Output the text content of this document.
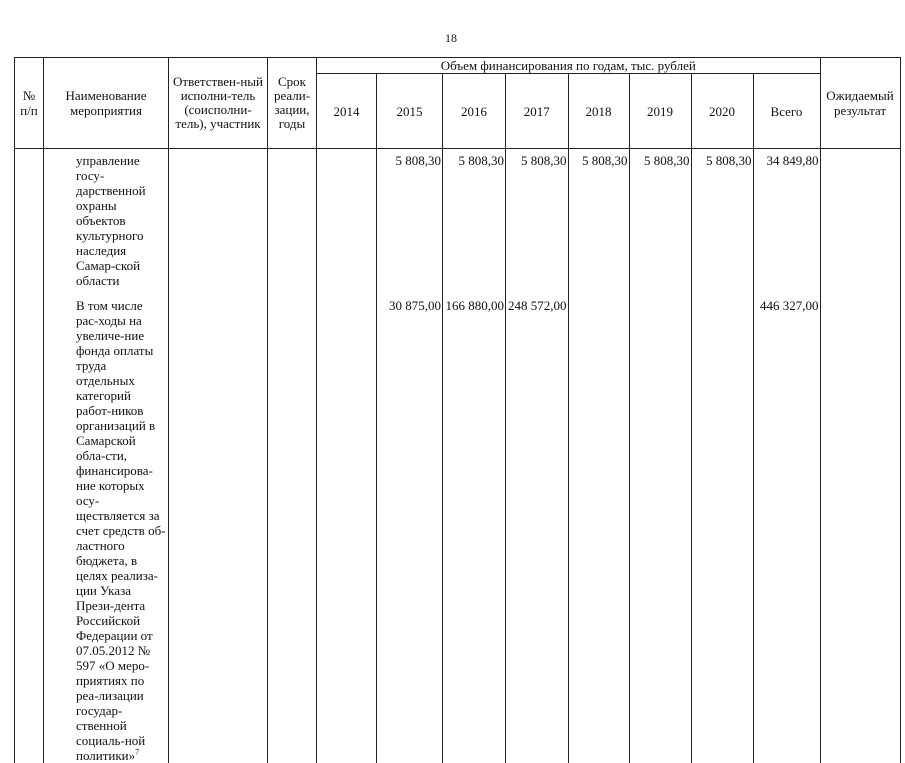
18
№ п/п	Наименование мероприятия	Ответствен-ный исполни-тель (соисполни-тель), участник	Срок реали-зации, годы	Объем финансирования по годам, тыс. рублей								Ожидаемый результат
				2014	2015	2016	2017	2018	2019	2020	Всего	
	управление госу-дарственной охраны объектов культурного наследия Самар-ской области				5 808,30	5 808,30	5 808,30	5 808,30	5 808,30	5 808,30	34 849,80	

	В том числе рас-ходы на увеличе-ние фонда оплаты труда отдельных категорий работ-ников организаций в Самарской обла-сти, финансирова-ние которых осу-ществляется за счет средств об-ластного бюджета, в целях реализа-ции Указа Прези-дента Российской Федерации от 07.05.2012 № 597 «О меро-приятиях по реа-лизации государ-ственной социаль-ной политики»$^7$				30 875,00	166 880,00	248 572,00				446 327,00	
